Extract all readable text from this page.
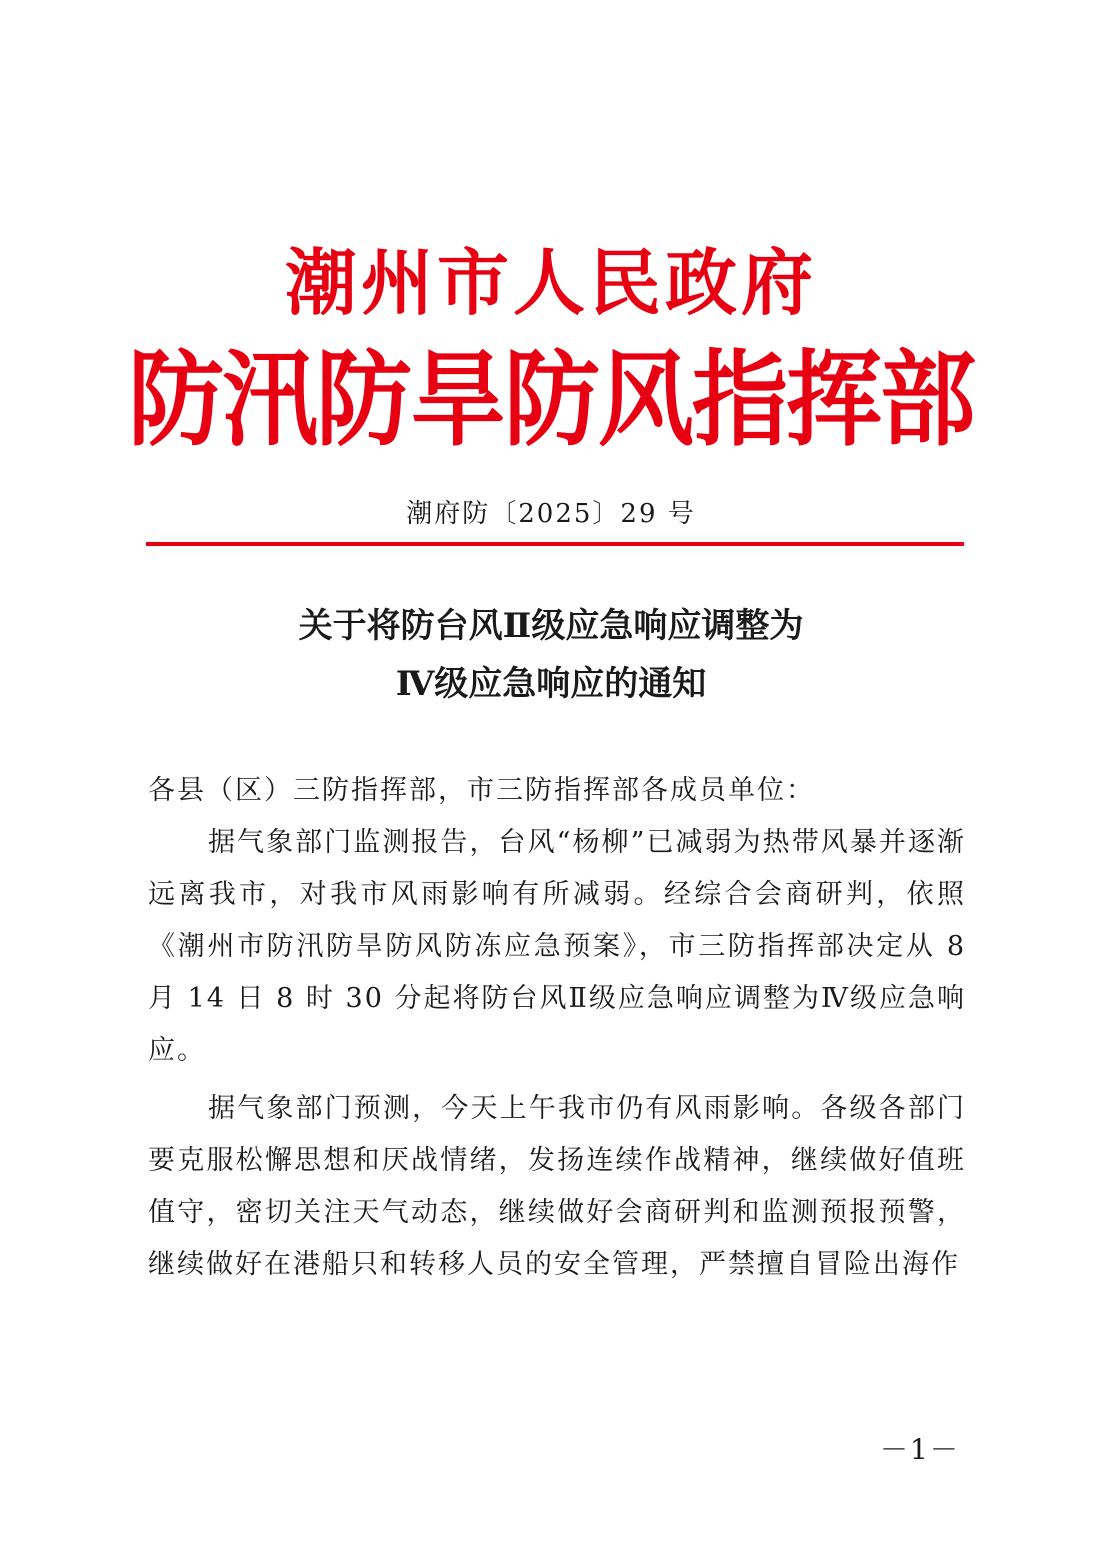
潮州市人民政府
防汛防旱防风指挥部
潮府防〔2025〕29 号
关于将防台风Ⅱ级应急响应调整为
Ⅳ级应急响应的通知
各县（区）三防指挥部，市三防指挥部各成员单位：
据气象部门监测报告，台风“杨柳”已减弱为热带风暴并逐渐远离我市，对我市风雨影响有所减弱。经综合会商研判，依照《潮州市防汛防旱防风防冻应急预案》，市三防指挥部决定从 8 月 14 日 8 时 30 分起将防台风Ⅱ级应急响应调整为Ⅳ级应急响应。
据气象部门预测，今天上午我市仍有风雨影响。各级各部门要克服松懈思想和厌战情绪，发扬连续作战精神，继续做好值班值守，密切关注天气动态，继续做好会商研判和监测预报预警，继续做好在港船只和转移人员的安全管理，严禁擅自冒险出海作
－1－
